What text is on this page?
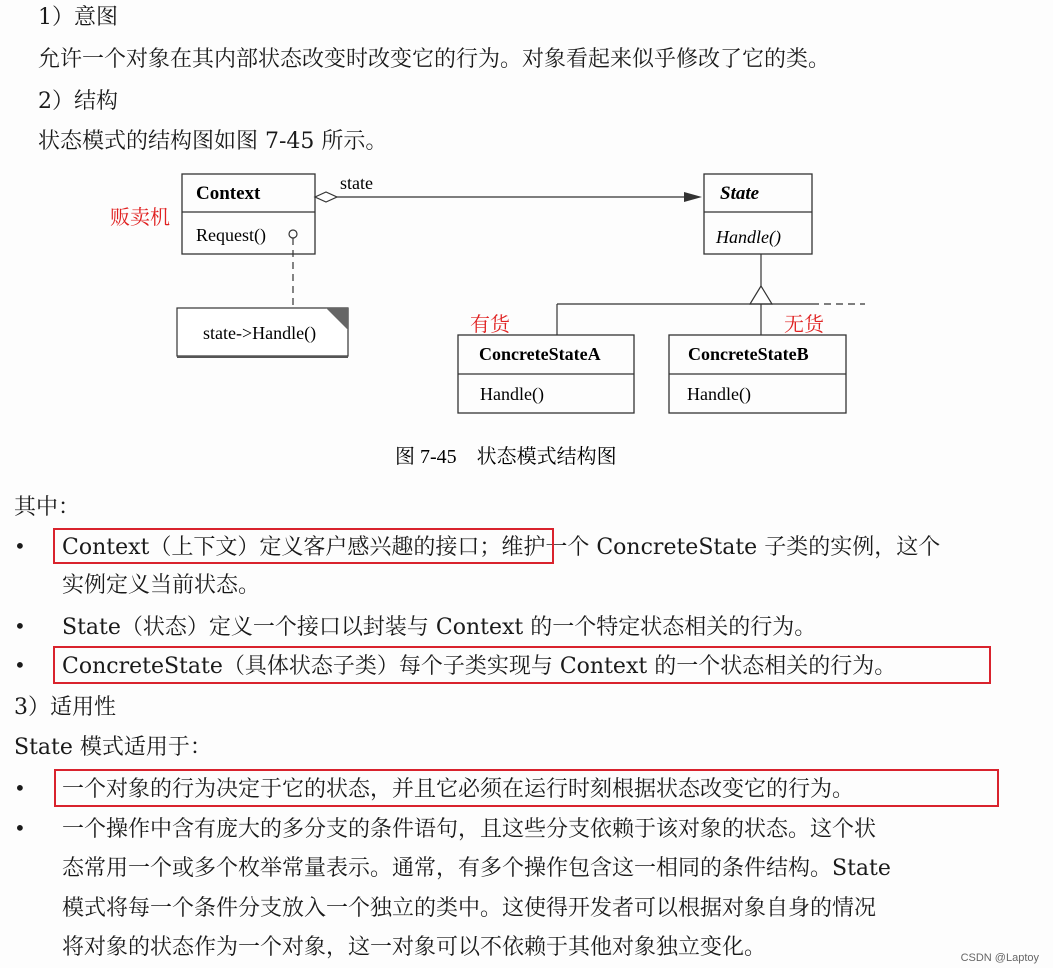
1）意图
允许一个对象在其内部状态改变时改变它的行为。对象看起来似乎修改了它的类。
2）结构
状态模式的结构图如图 7-45 所示。
Context
Request()
贩卖机
state	State
Handle()
state->Handle()	有货	无货
ConcreteStateA
Handle()
ConcreteStateB
Handle()
图 7-45　状态模式结构图
其中：
• Context（上下文）定义客户感兴趣的接口；维护一个 ConcreteState 子类的实例，这个
实例定义当前状态。
• State（状态）定义一个接口以封装与 Context 的一个特定状态相关的行为。
• ConcreteState（具体状态子类）每个子类实现与 Context 的一个状态相关的行为。
3）适用性
State 模式适用于：
• 一个对象的行为决定于它的状态，并且它必须在运行时刻根据状态改变它的行为。
• 一个操作中含有庞大的多分支的条件语句，且这些分支依赖于该对象的状态。这个状
态常用一个或多个枚举常量表示。通常，有多个操作包含这一相同的条件结构。State
模式将每一个条件分支放入一个独立的类中。这使得开发者可以根据对象自身的情况
将对象的状态作为一个对象，这一对象可以不依赖于其他对象独立变化。	CSDN @Laptoy
